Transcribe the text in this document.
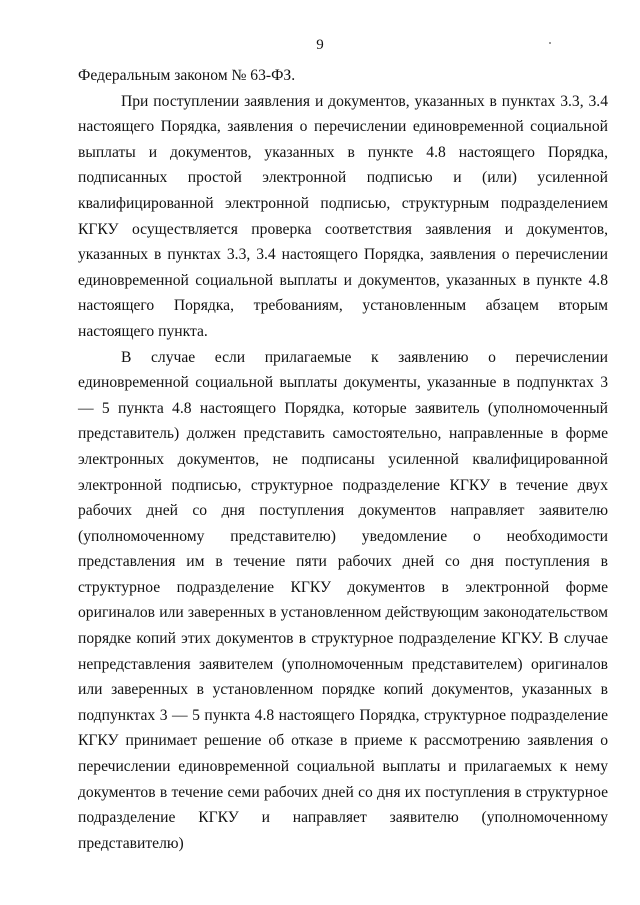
9

Федеральным законом № 63-ФЗ.

При поступлении заявления и документов, указанных в пунктах 3.3, 3.4 настоящего Порядка, заявления о перечислении единовременной социальной выплаты и документов, указанных в пункте 4.8 настоящего Порядка, подписанных простой электронной подписью и (или) усиленной квалифицированной электронной подписью, структурным подразделением КГКУ осуществляется проверка соответствия заявления и документов, указанных в пунктах 3.3, 3.4 настоящего Порядка, заявления о перечислении единовременной социальной выплаты и документов, указанных в пункте 4.8 настоящего Порядка, требованиям, установленным абзацем вторым настоящего пункта.

В случае если прилагаемые к заявлению о перечислении единовременной социальной выплаты документы, указанные в подпунктах 3 — 5 пункта 4.8 настоящего Порядка, которые заявитель (уполномоченный представитель) должен представить самостоятельно, направленные в форме электронных документов, не подписаны усиленной квалифицированной электронной подписью, структурное подразделение КГКУ в течение двух рабочих дней со дня поступления документов направляет заявителю (уполномоченному представителю) уведомление о необходимости представления им в течение пяти рабочих дней со дня поступления в структурное подразделение КГКУ документов в электронной форме оригиналов или заверенных в установленном действующим законодательством порядке копий этих документов в структурное подразделение КГКУ. В случае непредставления заявителем (уполномоченным представителем) оригиналов или заверенных в установленном порядке копий документов, указанных в подпунктах 3 — 5 пункта 4.8 настоящего Порядка, структурное подразделение КГКУ принимает решение об отказе в приеме к рассмотрению заявления о перечислении единовременной социальной выплаты и прилагаемых к нему документов в течение семи рабочих дней со дня их поступления в структурное подразделение КГКУ и направляет заявителю (уполномоченному представителю)
